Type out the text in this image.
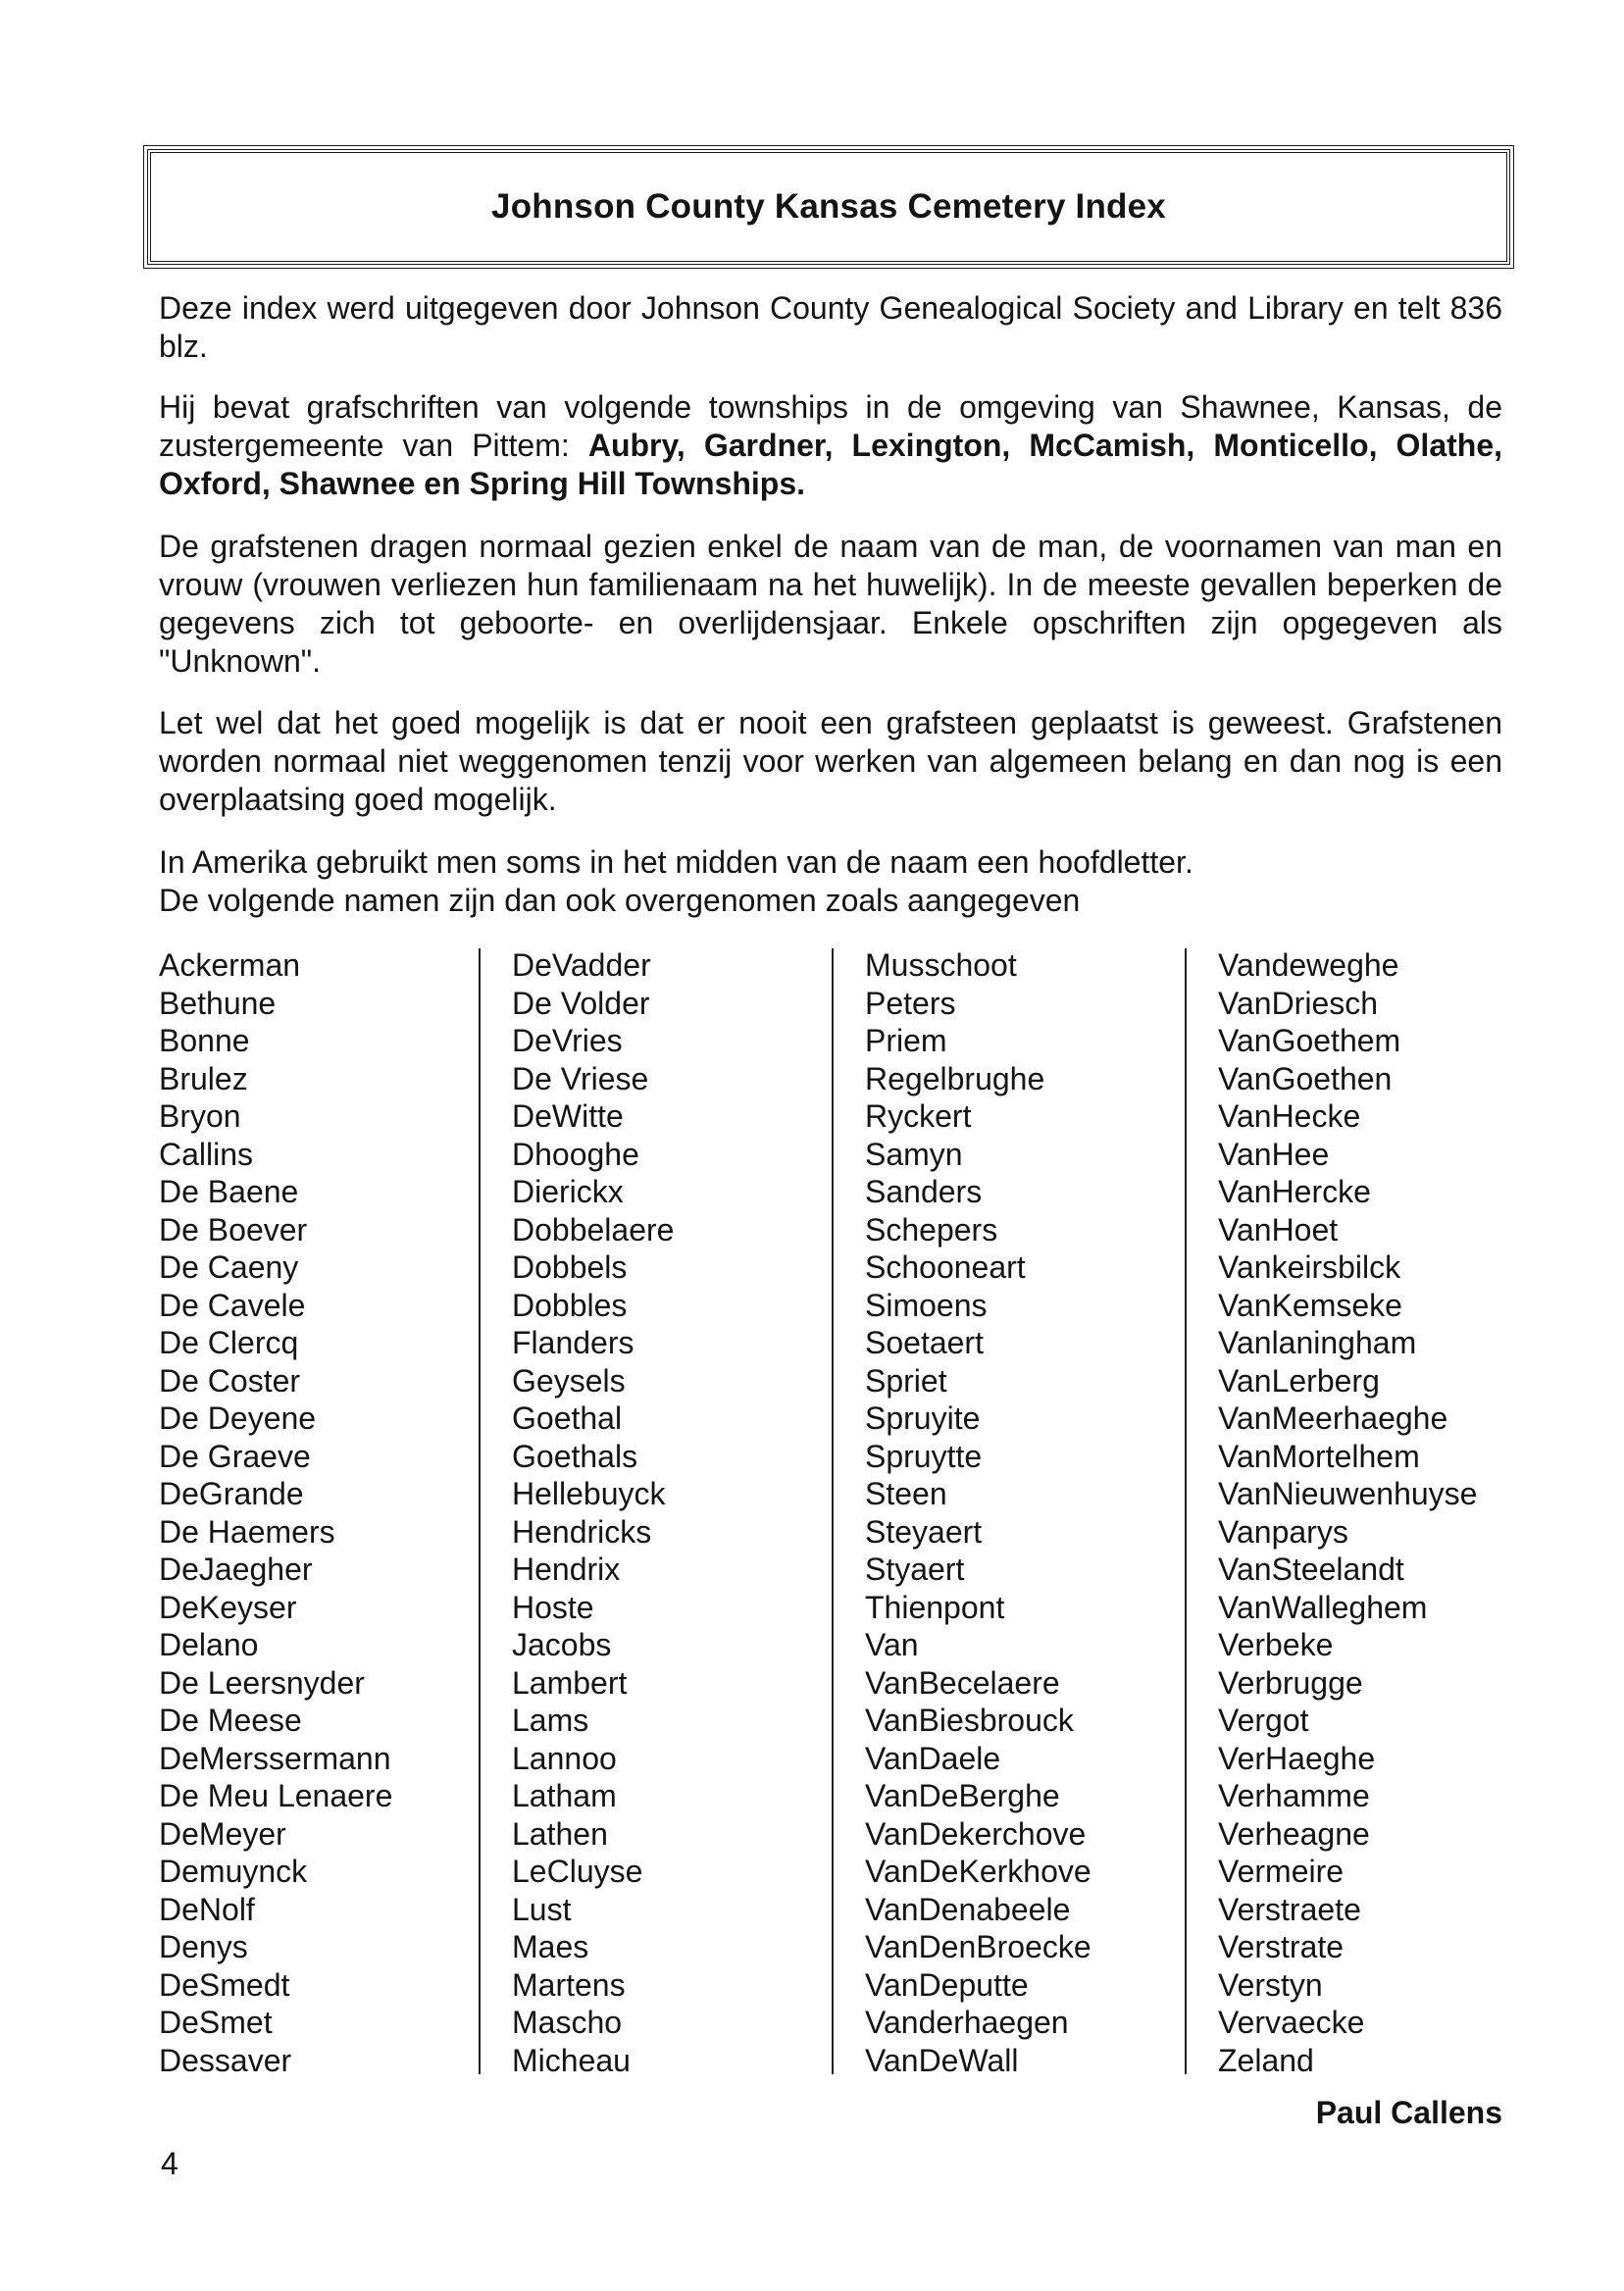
Johnson County Kansas Cemetery Index

Deze index werd uitgegeven door Johnson County Genealogical Society and Library en telt 836 blz.

Hij bevat grafschriften van volgende townships in de omgeving van Shawnee, Kansas, de zustergemeente van Pittem: Aubry, Gardner, Lexington, McCamish, Monticello, Olathe, Oxford, Shawnee en Spring Hill Townships.

De grafstenen dragen normaal gezien enkel de naam van de man, de voornamen van man en vrouw (vrouwen verliezen hun familienaam na het huwelijk). In de meeste gevallen beperken de gegevens zich tot geboorte- en overlijdensjaar. Enkele opschriften zijn opgegeven als "Unknown".

Let wel dat het goed mogelijk is dat er nooit een grafsteen geplaatst is geweest. Grafstenen worden normaal niet weggenomen tenzij voor werken van algemeen belang en dan nog is een overplaatsing goed mogelijk.

In Amerika gebruikt men soms in het midden van de naam een hoofdletter.
De volgende namen zijn dan ook overgenomen zoals aangegeven

Ackerman
Bethune
Bonne
Brulez
Bryon
Callins
De Baene
De Boever
De Caeny
De Cavele
De Clercq
De Coster
De Deyene
De Graeve
DeGrande
De Haemers
DeJaegher
DeKeyser
Delano
De Leersnyder
De Meese
DeMerssermann
De Meu Lenaere
DeMeyer
Demuynck
DeNolf
Denys
DeSmedt
DeSmet
Dessaver
DeVadder
De Volder
DeVries
De Vriese
DeWitte
Dhooghe
Dierickx
Dobbelaere
Dobbels
Dobbles
Flanders
Geysels
Goethal
Goethals
Hellebuyck
Hendricks
Hendrix
Hoste
Jacobs
Lambert
Lams
Lannoo
Latham
Lathen
LeCluyse
Lust
Maes
Martens
Mascho
Micheau
Musschoot
Peters
Priem
Regelbrughe
Ryckert
Samyn
Sanders
Schepers
Schooneart
Simoens
Soetaert
Spriet
Spruyite
Spruytte
Steen
Steyaert
Styaert
Thienpont
Van
VanBecelaere
VanBiesbrouck
VanDaele
VanDeBerghe
VanDekerchove
VanDeKerkhove
VanDenabeele
VanDenBroecke
VanDeputte
Vanderhaegen
VanDeWall
Vandeweghe
VanDriesch
VanGoethem
VanGoethen
VanHecke
VanHee
VanHercke
VanHoet
Vankeirsbilck
VanKemseke
Vanlaningham
VanLerberg
VanMeerhaeghe
VanMortelhem
VanNieuwenhuyse
Vanparys
VanSteelandt
VanWalleghem
Verbeke
Verbrugge
Vergot
VerHaeghe
Verhamme
Verheagne
Vermeire
Verstraete
Verstrate
Verstyn
Vervaecke
Zeland
Paul Callens
4
